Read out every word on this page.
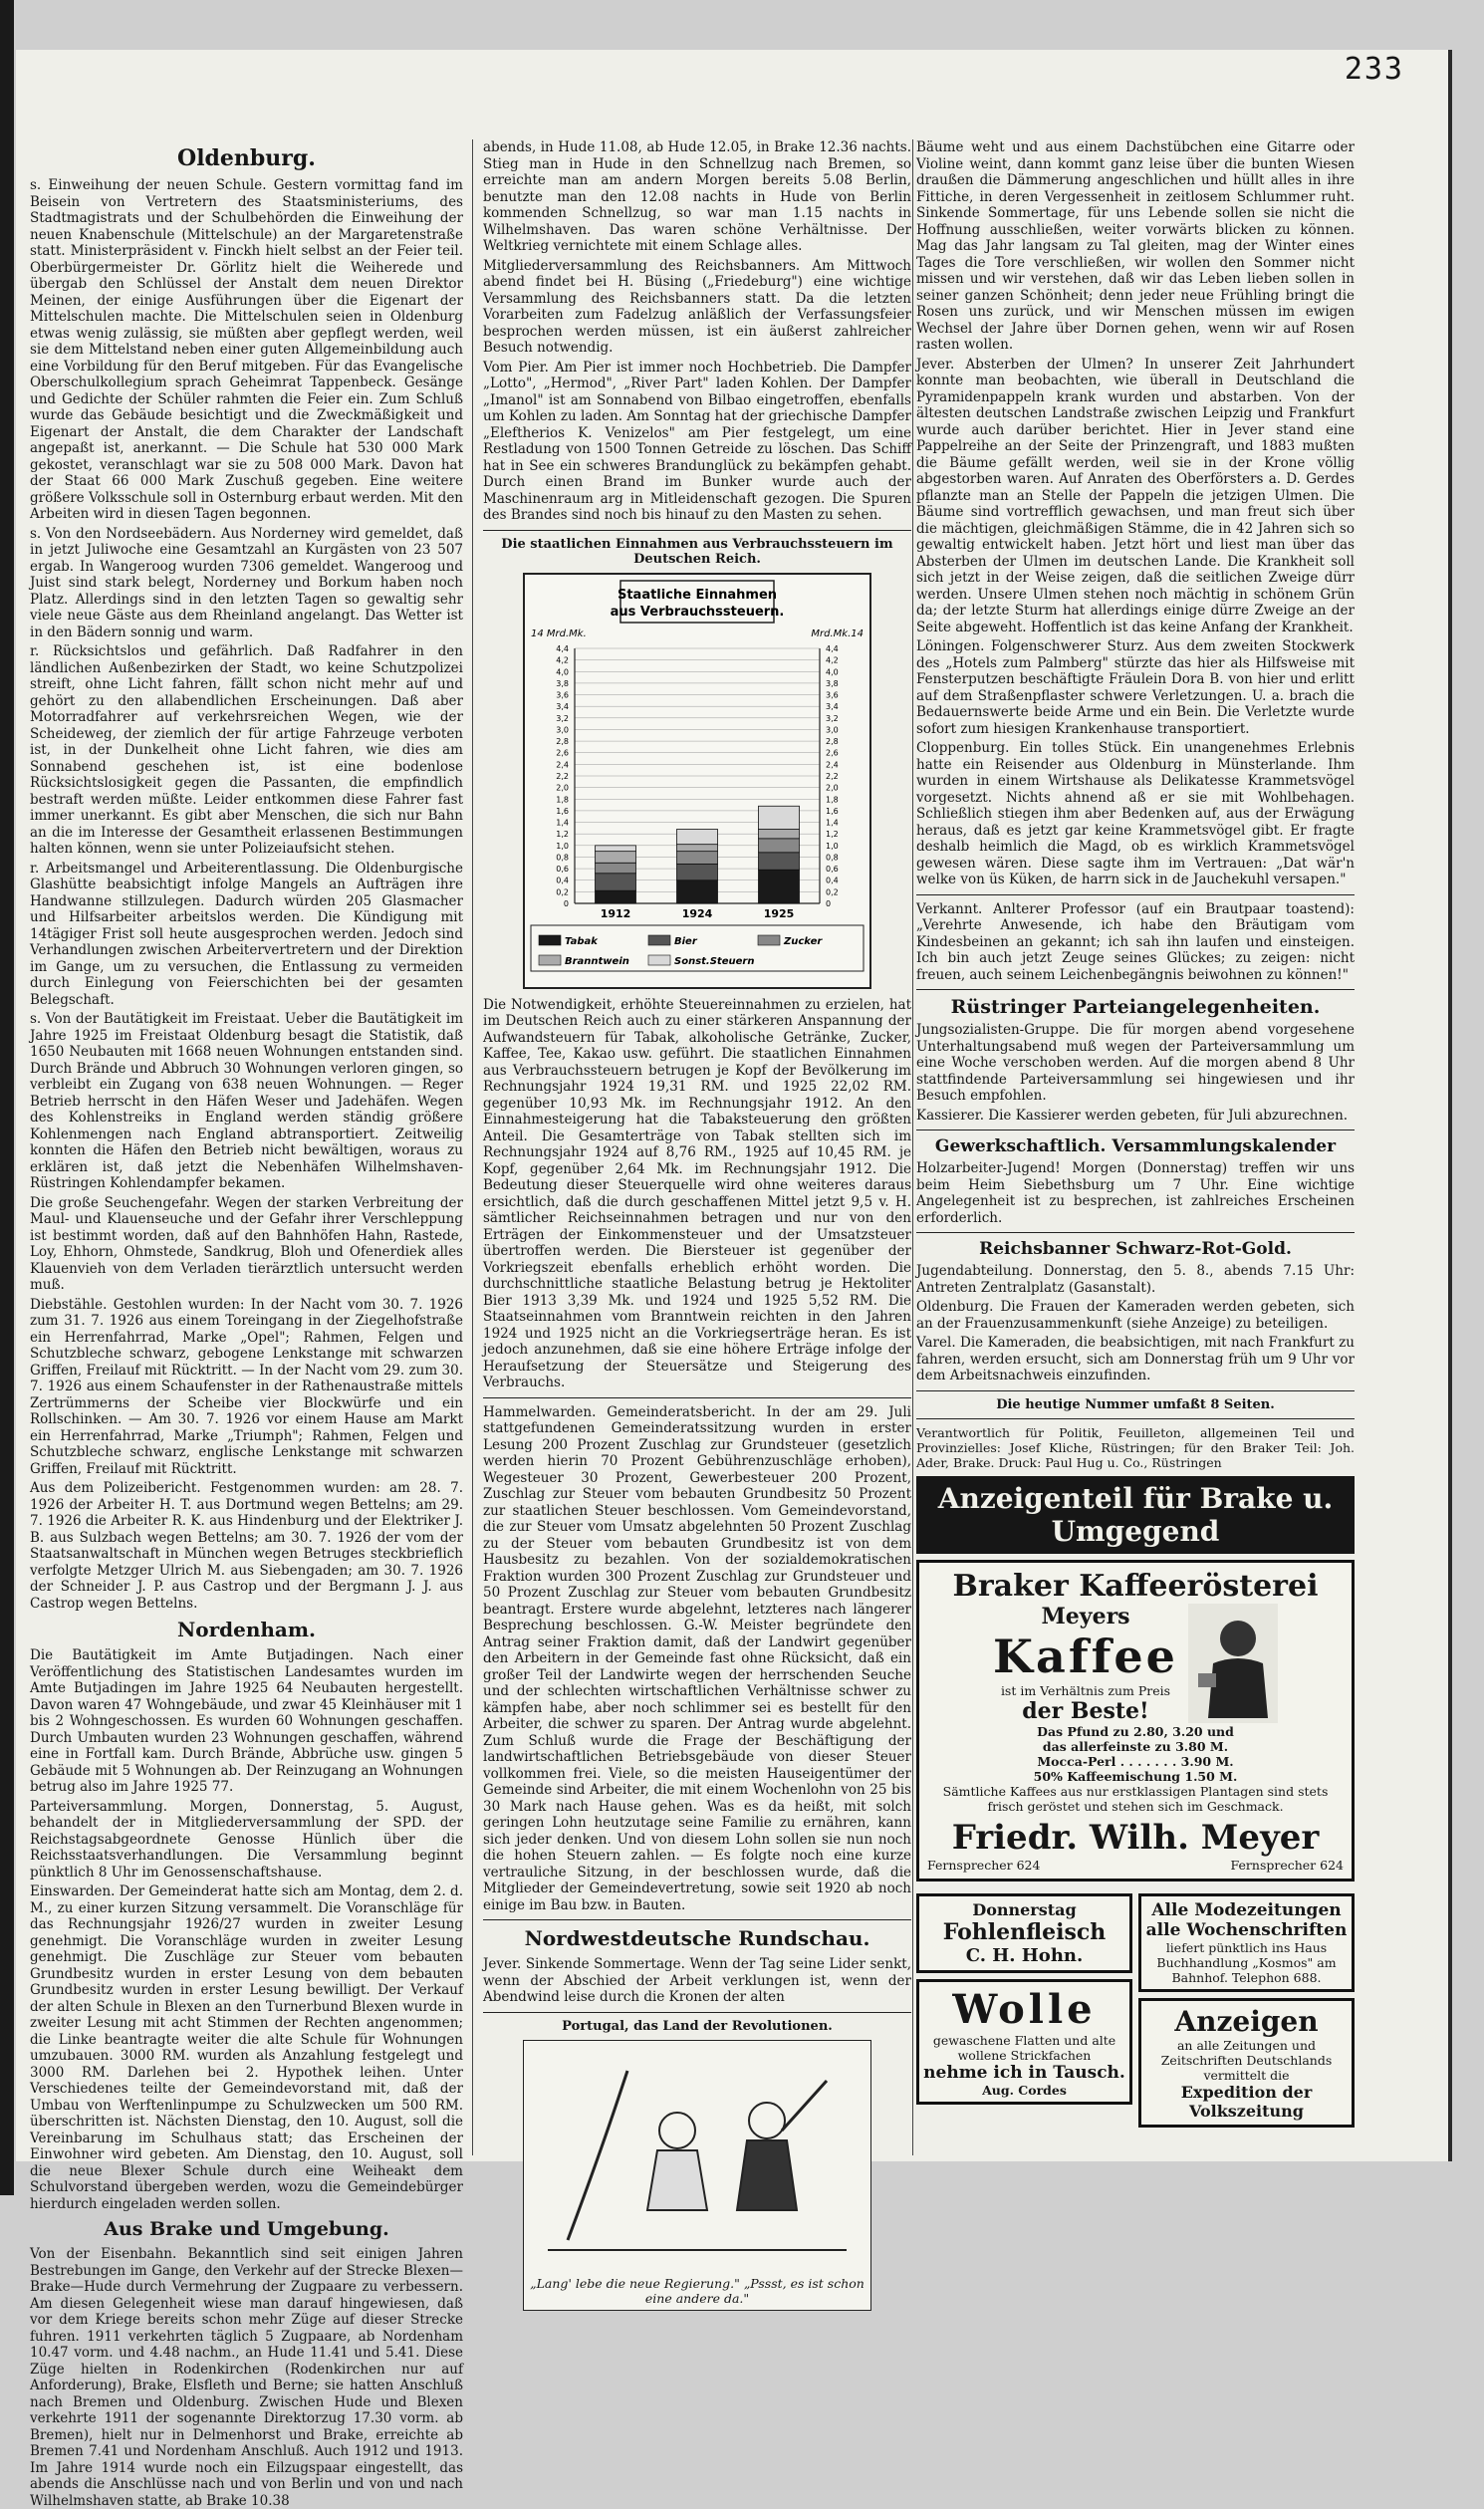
233
Oldenburg.

s. Einweihung der neuen Schule. Gestern vormittag fand im Beisein von Vertretern des Staatsministeriums, des Stadtmagistrats und der Schulbehörden die Einweihung der neuen Knabenschule (Mittelschule) an der Margaretenstraße statt. Ministerpräsident v. Finckh hielt selbst an der Feier teil. Oberbürgermeister Dr. Görlitz hielt die Weiherede und übergab den Schlüssel der Anstalt dem neuen Direktor Meinen, der einige Ausführungen über die Eigenart der Mittelschulen machte. Die Mittelschulen seien in Oldenburg etwas wenig zulässig, sie müßten aber gepflegt werden, weil sie dem Mittelstand neben einer guten Allgemeinbildung auch eine Vorbildung für den Beruf mitgeben. Für das Evangelische Oberschulkollegium sprach Geheimrat Tappenbeck. Gesänge und Gedichte der Schüler rahmten die Feier ein. Zum Schluß wurde das Gebäude besichtigt und die Zweckmäßigkeit und Eigenart der Anstalt, die dem Charakter der Landschaft angepaßt ist, anerkannt. — Die Schule hat 530 000 Mark gekostet, veranschlagt war sie zu 508 000 Mark. Davon hat der Staat 66 000 Mark Zuschuß gegeben. Eine weitere größere Volksschule soll in Osternburg erbaut werden. Mit den Arbeiten wird in diesen Tagen begonnen.

s. Von den Nordseebädern. Aus Norderney wird gemeldet, daß in jetzt Juliwoche eine Gesamtzahl an Kurgästen von 23 507 ergab. In Wangeroog wurden 7306 gemeldet. Wangeroog und Juist sind stark belegt, Norderney und Borkum haben noch Platz. Allerdings sind in den letzten Tagen so gewaltig sehr viele neue Gäste aus dem Rheinland angelangt. Das Wetter ist in den Bädern sonnig und warm.

r. Rücksichtslos und gefährlich. Daß Radfahrer in den ländlichen Außenbezirken der Stadt, wo keine Schutzpolizei streift, ohne Licht fahren, fällt schon nicht mehr auf und gehört zu den allabendlichen Erscheinungen. Daß aber Motorradfahrer auf verkehrsreichen Wegen, wie der Scheideweg, der ziemlich der für artige Fahrzeuge verboten ist, in der Dunkelheit ohne Licht fahren, wie dies am Sonnabend geschehen ist, ist eine bodenlose Rücksichtslosigkeit gegen die Passanten, die empfindlich bestraft werden müßte. Leider entkommen diese Fahrer fast immer unerkannt. Es gibt aber Menschen, die sich nur Bahn an die im Interesse der Gesamtheit erlassenen Bestimmungen halten können, wenn sie unter Polizeiaufsicht stehen.

r. Arbeitsmangel und Arbeiterentlassung. Die Oldenburgische Glashütte beabsichtigt infolge Mangels an Aufträgen ihre Handwanne stillzulegen. Dadurch würden 205 Glasmacher und Hilfsarbeiter arbeitslos werden. Die Kündigung mit 14tägiger Frist soll heute ausgesprochen werden. Jedoch sind Verhandlungen zwischen Arbeitervertretern und der Direktion im Gange, um zu versuchen, die Entlassung zu vermeiden durch Einlegung von Feierschichten bei der gesamten Belegschaft.

s. Von der Bautätigkeit im Freistaat. Ueber die Bautätigkeit im Jahre 1925 im Freistaat Oldenburg besagt die Statistik, daß 1650 Neubauten mit 1668 neuen Wohnungen entstanden sind. Durch Brände und Abbruch 30 Wohnungen verloren gingen, so verbleibt ein Zugang von 638 neuen Wohnungen. — Reger Betrieb herrscht in den Häfen Weser und Jadehäfen. Wegen des Kohlenstreiks in England werden ständig größere Kohlenmengen nach England abtransportiert. Zeitweilig konnten die Häfen den Betrieb nicht bewältigen, woraus zu erklären ist, daß jetzt die Nebenhäfen Wilhelmshaven-Rüstringen Kohlendampfer bekamen.

Die große Seuchengefahr. Wegen der starken Verbreitung der Maul- und Klauenseuche und der Gefahr ihrer Verschleppung ist bestimmt worden, daß auf den Bahnhöfen Hahn, Rastede, Loy, Ehhorn, Ohmstede, Sandkrug, Bloh und Ofenerdiek alles Klauenvieh von dem Verladen tierärztlich untersucht werden muß.

Diebstähle. Gestohlen wurden: In der Nacht vom 30. 7. 1926 zum 31. 7. 1926 aus einem Toreingang in der Ziegelhofstraße ein Herrenfahrrad, Marke „Opel"; Rahmen, Felgen und Schutzbleche schwarz, gebogene Lenkstange mit schwarzen Griffen, Freilauf mit Rücktritt. — In der Nacht vom 29. zum 30. 7. 1926 aus einem Schaufenster in der Rathenaustraße mittels Zertrümmerns der Scheibe vier Blockwürfe und ein Rollschinken. — Am 30. 7. 1926 vor einem Hause am Markt ein Herrenfahrrad, Marke „Triumph"; Rahmen, Felgen und Schutzbleche schwarz, englische Lenkstange mit schwarzen Griffen, Freilauf mit Rücktritt.

Aus dem Polizeibericht. Festgenommen wurden: am 28. 7. 1926 der Arbeiter H. T. aus Dortmund wegen Bettelns; am 29. 7. 1926 die Arbeiter R. K. aus Hindenburg und der Elektriker J. B. aus Sulzbach wegen Bettelns; am 30. 7. 1926 der vom der Staatsanwaltschaft in München wegen Betruges steckbrieflich verfolgte Metzger Ulrich M. aus Siebengaden; am 30. 7. 1926 der Schneider J. P. aus Castrop und der Bergmann J. J. aus Castrop wegen Bettelns.

Nordenham.

Die Bautätigkeit im Amte Butjadingen. Nach einer Veröffentlichung des Statistischen Landesamtes wurden im Amte Butjadingen im Jahre 1925 64 Neubauten hergestellt. Davon waren 47 Wohngebäude, und zwar 45 Kleinhäuser mit 1 bis 2 Wohngeschossen. Es wurden 60 Wohnungen geschaffen. Durch Umbauten wurden 23 Wohnungen geschaffen, während eine in Fortfall kam. Durch Brände, Abbrüche usw. gingen 5 Gebäude mit 5 Wohnungen ab. Der Reinzugang an Wohnungen betrug also im Jahre 1925 77.

Parteiversammlung. Morgen, Donnerstag, 5. August, behandelt der in Mitgliederversammlung der SPD. der Reichstagsabgeordnete Genosse Hünlich über die Reichsstaatsverhandlungen. Die Versammlung beginnt pünktlich 8 Uhr im Genossenschaftshause.

Einswarden. Der Gemeinderat hatte sich am Montag, dem 2. d. M., zu einer kurzen Sitzung versammelt. Die Voranschläge für das Rechnungsjahr 1926/27 wurden in zweiter Lesung genehmigt. Die Voranschläge wurden in zweiter Lesung genehmigt. Die Zuschläge zur Steuer vom bebauten Grundbesitz wurden in erster Lesung von dem bebauten Grundbesitz wurden in erster Lesung bewilligt. Der Verkauf der alten Schule in Blexen an den Turnerbund Blexen wurde in zweiter Lesung mit acht Stimmen der Rechten angenommen; die Linke beantragte weiter die alte Schule für Wohnungen umzubauen. 3000 RM. wurden als Anzahlung festgelegt und 3000 RM. Darlehen bei 2. Hypothek leihen. Unter Verschiedenes teilte der Gemeindevorstand mit, daß der Umbau von Werftenlinpumpe zu Schulzwecken um 500 RM. überschritten ist. Nächsten Dienstag, den 10. August, soll die Vereinbarung im Schulhaus statt; das Erscheinen der Einwohner wird gebeten. Am Dienstag, den 10. August, soll die neue Blexer Schule durch eine Weiheakt dem Schulvorstand übergeben werden, wozu die Gemeindebürger hierdurch eingeladen werden sollen.

Aus Brake und Umgebung.

Von der Eisenbahn. Bekanntlich sind seit einigen Jahren Bestrebungen im Gange, den Verkehr auf der Strecke Blexen—Brake—Hude durch Vermehrung der Zugpaare zu verbessern. Am diesen Gelegenheit wiese man darauf hingewiesen, daß vor dem Kriege bereits schon mehr Züge auf dieser Strecke fuhren. 1911 verkehrten täglich 5 Zugpaare, ab Nordenham 10.47 vorm. und 4.48 nachm., an Hude 11.41 und 5.41. Diese Züge hielten in Rodenkirchen (Rodenkirchen nur auf Anforderung), Brake, Elsfleth und Berne; sie hatten Anschluß nach Bremen und Oldenburg. Zwischen Hude und Blexen verkehrte 1911 der sogenannte Direktorzug 17.30 vorm. ab Bremen), hielt nur in Delmenhorst und Brake, erreichte ab Bremen 7.41 und Nordenham Anschluß. Auch 1912 und 1913. Im Jahre 1914 wurde noch ein Eilzugspaar eingestellt, das abends die Anschlüsse nach und von Berlin und von und nach Wilhelmshaven statte, ab Brake 10.38

abends, in Hude 11.08, ab Hude 12.05, in Brake 12.36 nachts. Stieg man in Hude in den Schnellzug nach Bremen, so erreichte man am andern Morgen bereits 5.08 Berlin, benutzte man den 12.08 nachts in Hude von Berlin kommenden Schnellzug, so war man 1.15 nachts in Wilhelmshaven. Das waren schöne Verhältnisse. Der Weltkrieg vernichtete mit einem Schlage alles.

Mitgliederversammlung des Reichsbanners. Am Mittwoch abend findet bei H. Büsing („Friedeburg") eine wichtige Versammlung des Reichsbanners statt. Da die letzten Vorarbeiten zum Fadelzug anläßlich der Verfassungsfeier besprochen werden müssen, ist ein äußerst zahlreicher Besuch notwendig.

Vom Pier. Am Pier ist immer noch Hochbetrieb. Die Dampfer „Lotto", „Hermod", „River Part" laden Kohlen. Der Dampfer „Imanol" ist am Sonnabend von Bilbao eingetroffen, ebenfalls um Kohlen zu laden. Am Sonntag hat der griechische Dampfer „Eleftherios K. Venizelos" am Pier festgelegt, um eine Restladung von 1500 Tonnen Getreide zu löschen. Das Schiff hat in See ein schweres Brandunglück zu bekämpfen gehabt. Durch einen Brand im Bunker wurde auch der Maschinenraum arg in Mitleidenschaft gezogen. Die Spuren des Brandes sind noch bis hinauf zu den Masten zu sehen.

Die staatlichen Einnahmen aus Verbrauchssteuern im Deutschen Reich.
Staatliche Einnahmen
aus Verbrauchssteuern.
14 Mrd.Mk.	Mrd.Mk.14
0	0
0,2	0,2
0,4	0,4
0,6	0,6
0,8	0,8
1,0	1,0
1,2	1,2
1,4	1,4
1,6	1,6
1,8	1,8
2,0	2,0
2,2	2,2
2,4	2,4
2,6	2,6
2,8	2,8
3,0	3,0
3,2	3,2
3,4	3,4
3,6	3,6
3,8	3,8
4,0	4,0
4,2	4,2
4,4	4,4
1912	1924	1925
Tabak	Bier	Zucker
Branntwein	Sonst.Steuern

Die Notwendigkeit, erhöhte Steuereinnahmen zu erzielen, hat im Deutschen Reich auch zu einer stärkeren Anspannung der Aufwandsteuern für Tabak, alkoholische Getränke, Zucker, Kaffee, Tee, Kakao usw. geführt. Die staatlichen Einnahmen aus Verbrauchssteuern betrugen je Kopf der Bevölkerung im Rechnungsjahr 1924 19,31 RM. und 1925 22,02 RM. gegenüber 10,93 Mk. im Rechnungsjahr 1912. An den Einnahmesteigerung hat die Tabaksteuerung den größten Anteil. Die Gesamterträge von Tabak stellten sich im Rechnungsjahr 1924 auf 8,76 RM., 1925 auf 10,45 RM. je Kopf, gegenüber 2,64 Mk. im Rechnungsjahr 1912. Die Bedeutung dieser Steuerquelle wird ohne weiteres daraus ersichtlich, daß die durch geschaffenen Mittel jetzt 9,5 v. H. sämtlicher Reichseinnahmen betragen und nur von den Erträgen der Einkommensteuer und der Umsatzsteuer übertroffen werden. Die Biersteuer ist gegenüber der Vorkriegszeit ebenfalls erheblich erhöht worden. Die durchschnittliche staatliche Belastung betrug je Hektoliter Bier 1913 3,39 Mk. und 1924 und 1925 5,52 RM. Die Staatseinnahmen vom Branntwein reichten in den Jahren 1924 und 1925 nicht an die Vorkriegserträge heran. Es ist jedoch anzunehmen, daß sie eine höhere Erträge infolge der Heraufsetzung der Steuersätze und Steigerung des Verbrauchs.

Hammelwarden. Gemeinderatsbericht. In der am 29. Juli stattgefundenen Gemeinderatssitzung wurden in erster Lesung 200 Prozent Zuschlag zur Grundsteuer (gesetzlich werden hierin 70 Prozent Gebührenzuschläge erhoben), Wegesteuer 30 Prozent, Gewerbesteuer 200 Prozent, Zuschlag zur Steuer vom bebauten Grundbesitz 50 Prozent zur staatlichen Steuer beschlossen. Vom Gemeindevorstand, die zur Steuer vom Umsatz abgelehnten 50 Prozent Zuschlag zu der Steuer vom bebauten Grundbesitz ist von dem Hausbesitz zu bezahlen. Von der sozialdemokratischen Fraktion wurden 300 Prozent Zuschlag zur Grundsteuer und 50 Prozent Zuschlag zur Steuer vom bebauten Grundbesitz beantragt. Erstere wurde abgelehnt, letzteres nach längerer Besprechung beschlossen. G.-W. Meister begründete den Antrag seiner Fraktion damit, daß der Landwirt gegenüber den Arbeitern in der Gemeinde fast ohne Rücksicht, daß ein großer Teil der Landwirte wegen der herrschenden Seuche und der schlechten wirtschaftlichen Verhältnisse schwer zu kämpfen habe, aber noch schlimmer sei es bestellt für den Arbeiter, die schwer zu sparen. Der Antrag wurde abgelehnt. Zum Schluß wurde die Frage der Beschäftigung der landwirtschaftlichen Betriebsgebäude von dieser Steuer vollkommen frei. Viele, so die meisten Hauseigentümer der Gemeinde sind Arbeiter, die mit einem Wochenlohn von 25 bis 30 Mark nach Hause gehen. Was es da heißt, mit solch geringen Lohn heutzutage seine Familie zu ernähren, kann sich jeder denken. Und von diesem Lohn sollen sie nun noch die hohen Steuern zahlen. — Es folgte noch eine kurze vertrauliche Sitzung, in der beschlossen wurde, daß die Mitglieder der Gemeindevertretung, sowie seit 1920 ab noch einige im Bau bzw. in Bauten.

Nordwestdeutsche Rundschau.

Jever. Sinkende Sommertage. Wenn der Tag seine Lider senkt, wenn der Abschied der Arbeit verklungen ist, wenn der Abendwind leise durch die Kronen der alten

Portugal, das Land der Revolutionen.
„Lang' lebe die neue Regierung." „Pssst, es ist schon eine andere da."

Bäume weht und aus einem Dachstübchen eine Gitarre oder Violine weint, dann kommt ganz leise über die bunten Wiesen draußen die Dämmerung angeschlichen und hüllt alles in ihre Fittiche, in deren Vergessenheit in zeitlosem Schlummer ruht. Sinkende Sommertage, für uns Lebende sollen sie nicht die Hoffnung ausschließen, weiter vorwärts blicken zu können. Mag das Jahr langsam zu Tal gleiten, mag der Winter eines Tages die Tore verschließen, wir wollen den Sommer nicht missen und wir verstehen, daß wir das Leben lieben sollen in seiner ganzen Schönheit; denn jeder neue Frühling bringt die Rosen uns zurück, und wir Menschen müssen im ewigen Wechsel der Jahre über Dornen gehen, wenn wir auf Rosen rasten wollen.

Jever. Absterben der Ulmen? In unserer Zeit Jahrhundert konnte man beobachten, wie überall in Deutschland die Pyramidenpappeln krank wurden und abstarben. Von der ältesten deutschen Landstraße zwischen Leipzig und Frankfurt wurde auch darüber berichtet. Hier in Jever stand eine Pappelreihe an der Seite der Prinzengraft, und 1883 mußten die Bäume gefällt werden, weil sie in der Krone völlig abgestorben waren. Auf Anraten des Oberförsters a. D. Gerdes pflanzte man an Stelle der Pappeln die jetzigen Ulmen. Die Bäume sind vortrefflich gewachsen, und man freut sich über die mächtigen, gleichmäßigen Stämme, die in 42 Jahren sich so gewaltig entwickelt haben. Jetzt hört und liest man über das Absterben der Ulmen im deutschen Lande. Die Krankheit soll sich jetzt in der Weise zeigen, daß die seitlichen Zweige dürr werden. Unsere Ulmen stehen noch mächtig in schönem Grün da; der letzte Sturm hat allerdings einige dürre Zweige an der Seite abgeweht. Hoffentlich ist das keine Anfang der Krankheit.

Löningen. Folgenschwerer Sturz. Aus dem zweiten Stockwerk des „Hotels zum Palmberg" stürzte das hier als Hilfsweise mit Fensterputzen beschäftigte Fräulein Dora B. von hier und erlitt auf dem Straßenpflaster schwere Verletzungen. U. a. brach die Bedauernswerte beide Arme und ein Bein. Die Verletzte wurde sofort zum hiesigen Krankenhause transportiert.

Cloppenburg. Ein tolles Stück. Ein unangenehmes Erlebnis hatte ein Reisender aus Oldenburg in Münsterlande. Ihm wurden in einem Wirtshause als Delikatesse Krammetsvögel vorgesetzt. Nichts ahnend aß er sie mit Wohlbehagen. Schließlich stiegen ihm aber Bedenken auf, aus der Erwägung heraus, daß es jetzt gar keine Krammetsvögel gibt. Er fragte deshalb heimlich die Magd, ob es wirklich Krammetsvögel gewesen wären. Diese sagte ihm im Vertrauen: „Dat wär'n welke von üs Küken, de harrn sick in de Jauchekuhl versapen."

Verkannt. Anlterer Professor (auf ein Brautpaar toastend): „Verehrte Anwesende, ich habe den Bräutigam vom Kindesbeinen an gekannt; ich sah ihn laufen und einsteigen. Ich bin auch jetzt Zeuge seines Glückes; zu zeigen: nicht freuen, auch seinem Leichenbegängnis beiwohnen zu können!"

Rüstringer Parteiangelegenheiten.

Jungsozialisten-Gruppe. Die für morgen abend vorgesehene Unterhaltungsabend muß wegen der Parteiversammlung um eine Woche verschoben werden. Auf die morgen abend 8 Uhr stattfindende Parteiversammlung sei hingewiesen und ihr Besuch empfohlen.

Kassierer. Die Kassierer werden gebeten, für Juli abzurechnen.

Gewerkschaftlich. Versammlungskalender

Holzarbeiter-Jugend! Morgen (Donnerstag) treffen wir uns beim Heim Siebethsburg um 7 Uhr. Eine wichtige Angelegenheit ist zu besprechen, ist zahlreiches Erscheinen erforderlich.

Reichsbanner Schwarz-Rot-Gold.

Jugendabteilung. Donnerstag, den 5. 8., abends 7.15 Uhr: Antreten Zentralplatz (Gasanstalt).

Oldenburg. Die Frauen der Kameraden werden gebeten, sich an der Frauenzusammenkunft (siehe Anzeige) zu beteiligen.

Varel. Die Kameraden, die beabsichtigen, mit nach Frankfurt zu fahren, werden ersucht, sich am Donnerstag früh um 9 Uhr vor dem Arbeitsnachweis einzufinden.

Die heutige Nummer umfaßt 8 Seiten.

Verantwortlich für Politik, Feuilleton, allgemeinen Teil und Provinzielles: Josef Kliche, Rüstringen; für den Braker Teil: Joh. Ader, Brake. Druck: Paul Hug u. Co., Rüstringen

Anzeigenteil für Brake u. Umgegend
Braker Kaffeerösterei
Meyers
Kaffee
ist im Verhältnis zum Preis
der Beste!
Das Pfund zu 2.80, 3.20 und
das allerfeinste zu 3.80 M.
Mocca-Perl . . . . . . . 3.90 M.
50% Kaffeemischung 1.50 M.
Sämtliche Kaffees aus nur erstklassigen Plantagen sind stets frisch geröstet und stehen sich im Geschmack.
Friedr. Wilh. Meyer
Fernsprecher 624	Fernsprecher 624
Donnerstag
Fohlenfleisch
C. H. Hohn.
Wolle
gewaschene Flatten und alte wollene Strickfachen
nehme ich in Tausch.
Aug. Cordes
Alle Modezeitungen
alle Wochenschriften
liefert pünktlich ins Haus Buchhandlung „Kosmos" am Bahnhof. Telephon 688.
Anzeigen
an alle Zeitungen und Zeitschriften Deutschlands vermittelt die
Expedition der Volkszeitung
